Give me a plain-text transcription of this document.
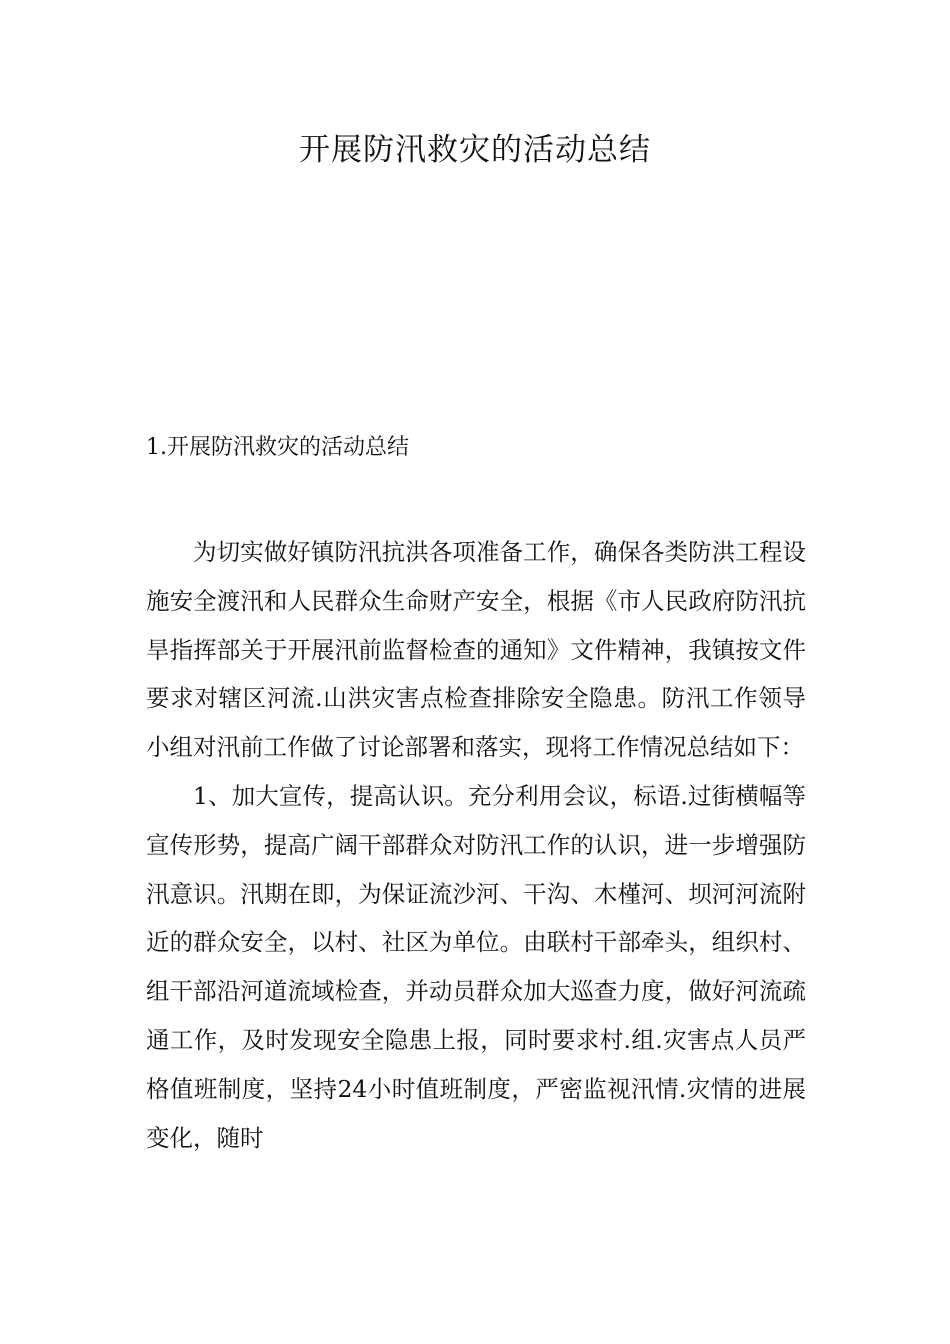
开展防汛救灾的活动总结
1.开展防汛救灾的活动总结

为切实做好镇防汛抗洪各项准备工作，确保各类防洪工程设施安全渡汛和人民群众生命财产安全，根据《市人民政府防汛抗旱指挥部关于开展汛前监督检查的通知》文件精神，我镇按文件要求对辖区河流.山洪灾害点检查排除安全隐患。防汛工作领导小组对汛前工作做了讨论部署和落实，现将工作情况总结如下：

1、加大宣传，提高认识。充分利用会议，标语.过街横幅等宣传形势，提高广阔干部群众对防汛工作的认识，进一步增强防汛意识。汛期在即，为保证流沙河、干沟、木槿河、坝河河流附近的群众安全，以村、社区为单位。由联村干部牵头，组织村、组干部沿河道流域检查，并动员群众加大巡查力度，做好河流疏通工作，及时发现安全隐患上报，同时要求村.组.灾害点人员严格值班制度，坚持24小时值班制度，严密监视汛情.灾情的进展变化，随时
